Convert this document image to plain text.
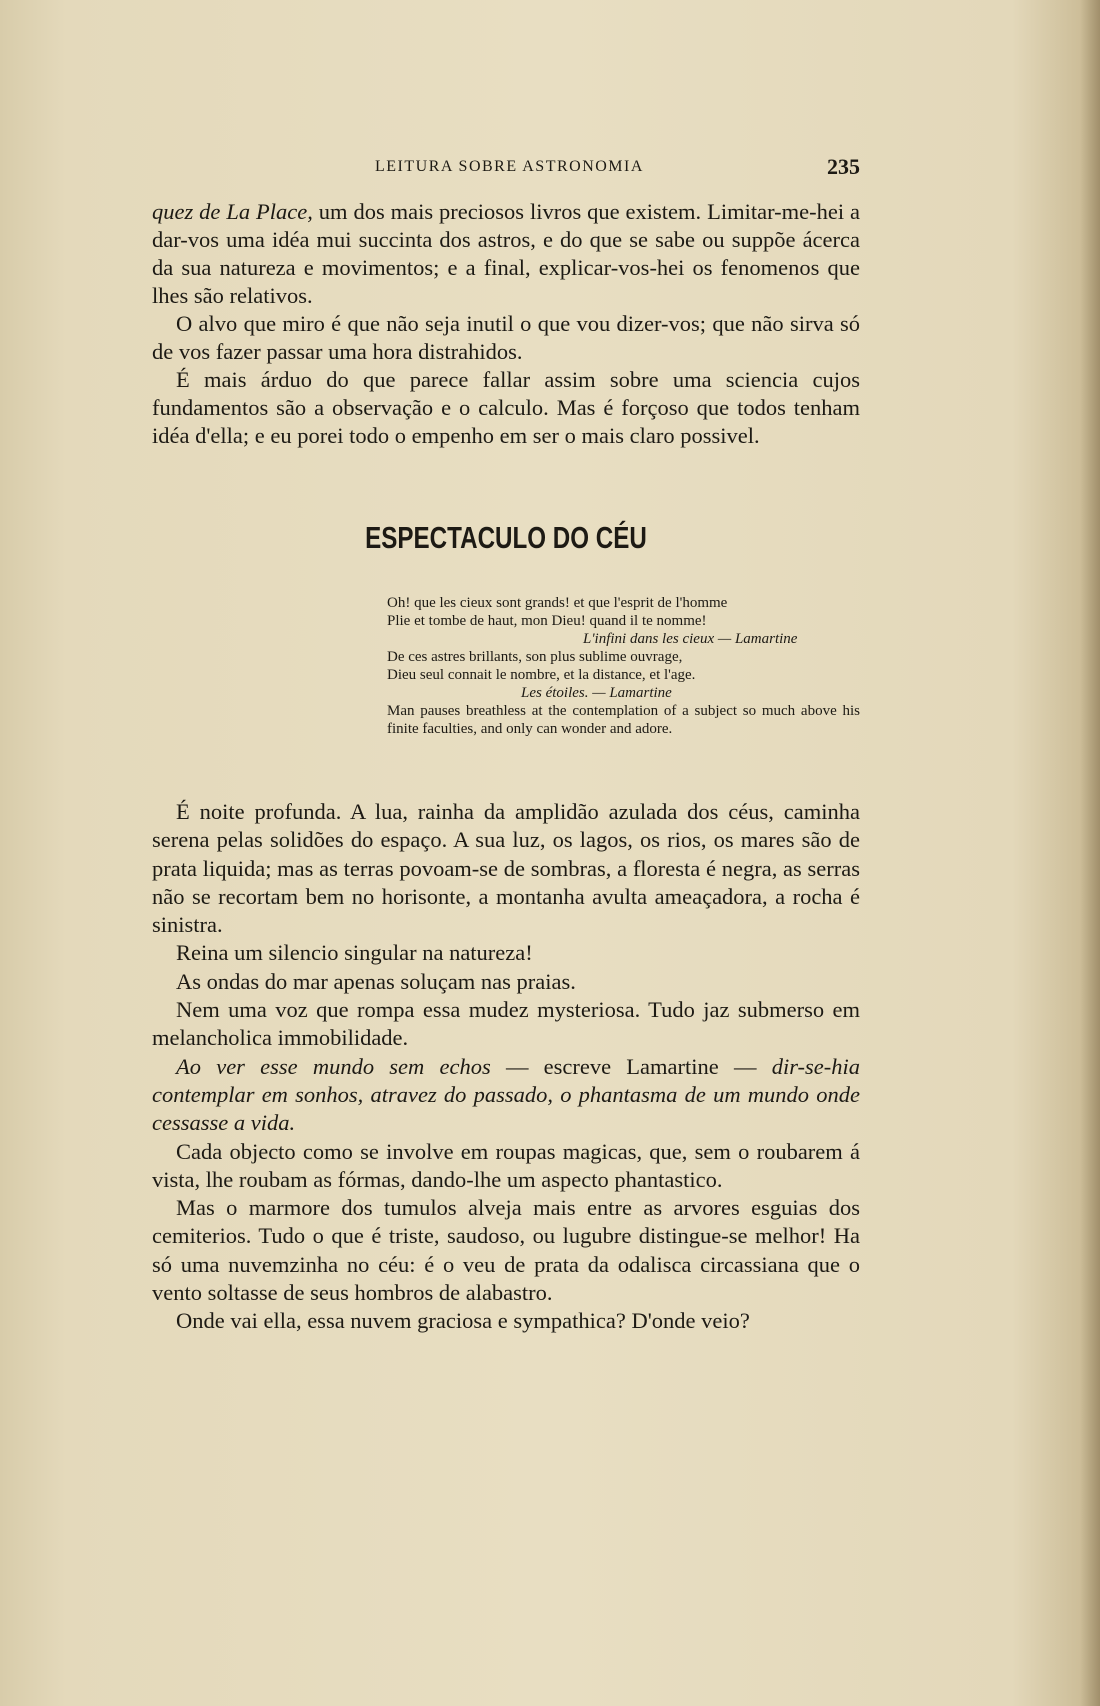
LEITURA SOBRE ASTRONOMIA	235

quez de La Place, um dos mais preciosos livros que existem. Limitar-me-hei a dar-vos uma idéa mui succinta dos astros, e do que se sabe ou suppõe ácerca da sua natureza e movimentos; e a final, explicar-vos-hei os fenomenos que lhes são relativos.

O alvo que miro é que não seja inutil o que vou dizer-vos; que não sirva só de vos fazer passar uma hora distrahidos.

É mais árduo do que parece fallar assim sobre uma sciencia cujos fundamentos são a observação e o calculo. Mas é forçoso que todos tenham idéa d'ella; e eu porei todo o empenho em ser o mais claro possivel.

ESPECTACULO DO CÉU
Oh! que les cieux sont grands! et que l'esprit de l'homme
Plie et tombe de haut, mon Dieu! quand il te nomme!
L'infini dans les cieux — Lamartine
De ces astres brillants, son plus sublime ouvrage,
Dieu seul connait le nombre, et la distance, et l'age.
Les étoiles. — Lamartine
Man pauses breathless at the contemplation of a subject so much above his finite faculties, and only can wonder and adore.

É noite profunda. A lua, rainha da amplidão azulada dos céus, caminha serena pelas solidões do espaço. A sua luz, os lagos, os rios, os mares são de prata liquida; mas as terras povoam-se de sombras, a floresta é negra, as serras não se recortam bem no horisonte, a montanha avulta ameaçadora, a rocha é sinistra.

Reina um silencio singular na natureza!

As ondas do mar apenas soluçam nas praias.

Nem uma voz que rompa essa mudez mysteriosa. Tudo jaz submerso em melancholica immobilidade.

Ao ver esse mundo sem echos — escreve Lamartine — dir-se-hia contemplar em sonhos, atravez do passado, o phantasma de um mundo onde cessasse a vida.

Cada objecto como se involve em roupas magicas, que, sem o roubarem á vista, lhe roubam as fórmas, dando-lhe um aspecto phantastico.

Mas o marmore dos tumulos alveja mais entre as arvores esguias dos cemiterios. Tudo o que é triste, saudoso, ou lugubre distingue-se melhor! Ha só uma nuvemzinha no céu: é o veu de prata da odalisca circassiana que o vento soltasse de seus hombros de alabastro.

Onde vai ella, essa nuvem graciosa e sympathica? D'onde veio?
